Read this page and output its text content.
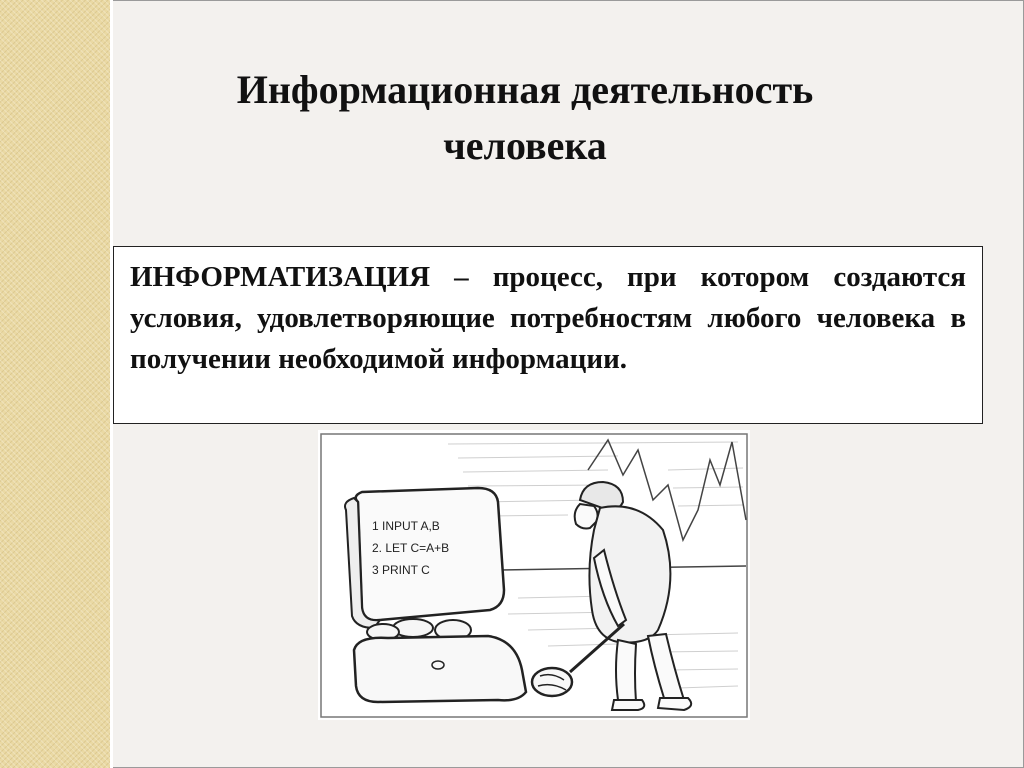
Информационная деятельность
человека
ИНФОРМАТИЗАЦИЯ – процесс, при котором создаются условия, удовлетворяющие потребностям любого человека в получении необходимой информации.
1 INPUT A,B
2. LET C=A+B
3 PRINT C
